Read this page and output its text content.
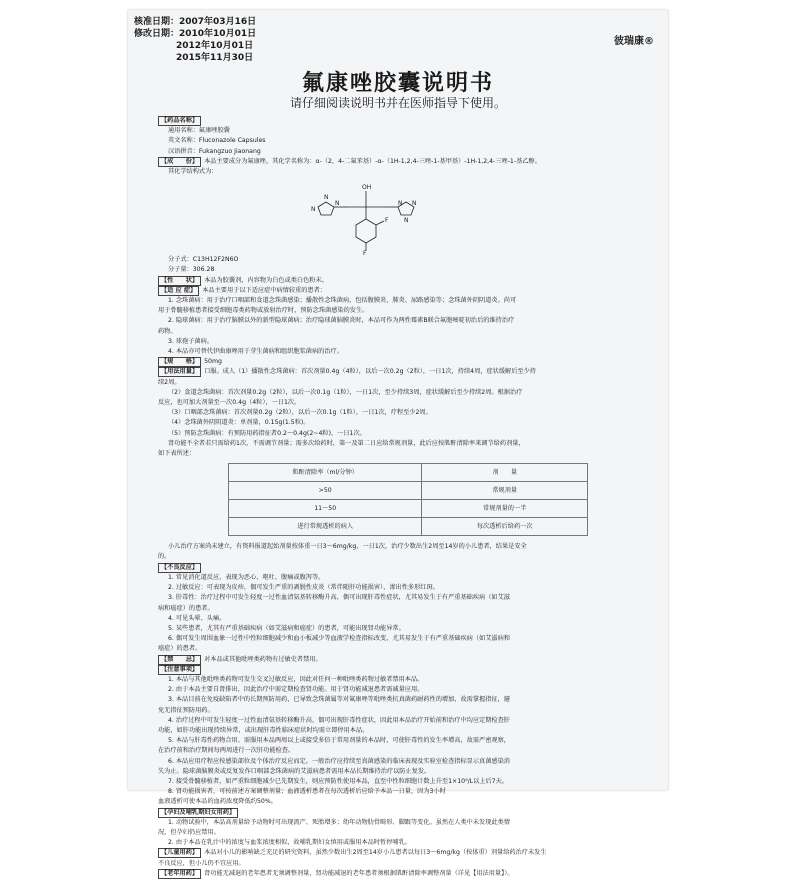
核准日期：2007年03月16日
修改日期：2010年10月01日
2012年10月01日
2015年11月30日
彼瑞康®
氟康唑胶囊说明书
请仔细阅读说明书并在医师指导下使用。
【药品名称】
通用名称：氟康唑胶囊
英文名称：Fluconazole Capsules
汉语拼音：Fukangzuo Jiaonang
【成　　份】 本品主要成分为氟康唑，其化学名称为：α-（2，4-二氟苯基）-α-（1H-1,2,4-三唑-1-基甲基）-1H-1,2,4-三唑-1-基乙醇。
其化学结构式为：
N
N
N
OH
N N
N
F
F
分子式：C13H12F2N6O
分子量：306.28
【性　　状】 本品为胶囊剂，内容物为白色或类白色粉末。
【适 应 症】 本品主要用于以下适应症中病情较重的患者：
1. 念珠菌病：用于治疗口咽部和食道念珠菌感染；播散性念珠菌病，包括腹膜炎、肺炎、尿路感染等；念珠菌外阴阴道炎。尚可
用于骨髓移植患者接受细胞毒类药物或放射治疗时，预防念珠菌感染的发生。
2. 隐球菌病：用于治疗脑膜以外的新型隐球菌病；治疗隐球菌脑膜炎时，本品可作为两性霉素B联合氟胞嘧啶初治后的维持治疗
药物。
3. 球孢子菌病。
4. 本品亦可替代伊曲康唑用于芽生菌病和组织胞浆菌病的治疗。
【规　　格】 50mg
【用法用量】 口服。成人（1）播散性念珠菌病：首次剂量0.4g（4粒），以后一次0.2g（2粒），一日1次，持续4周，症状缓解后至少持
续2周。
（2）食道念珠菌病：首次剂量0.2g（2粒），以后一次0.1g（1粒），一日1次，至少持续3周，症状缓解后至少持续2周。根据治疗
反应，也可加大剂量至一次0.4g（4粒），一日1次。
（3）口咽部念珠菌病：首次剂量0.2g（2粒），以后一次0.1g（1粒），一日1次，疗程至少2周。
（4）念珠菌外阴阴道炎：单剂量，0.15g(1.5粒)。
（5）预防念珠菌病：有预防用药指征者0.2～0.4g(2~4粒)，一日1次。
肾功能不全者若只需给药1次，不需调节剂量；需多次给药时，第一及第二日应给常规剂量，此后应按肌酐清除率来调节给药剂量，
如下表所述：
肌酐清除率（ml/分钟）	剂　　量
>50	常规剂量
11～50	常规剂量的一半
进行常规透析的病人	每次透析后给药一次
小儿治疗方案尚未建立，有资料报道起始剂量按体重一日3～6mg/kg，一日1次，治疗少数出生2周至14岁的小儿患者，结果是安全
的。
【不良反应】
1. 常见消化道反应，表现为恶心、呕吐、腹痛或腹泻等。
2. 过敏反应：可表现为皮疹，偶可发生严重的剥脱性皮炎（常伴随肝功能损害）、渗出性多形红斑。
3. 肝毒性：治疗过程中可发生轻度一过性血清氨基转移酶升高，偶可出现肝毒性症状，尤其易发生于有严重基础疾病（如艾滋
病和癌症）的患者。
4. 可见头晕、头痛。
5. 某些患者，尤其有严重基础疾病（如艾滋病和癌症）的患者，可能出现肾功能异常。
6. 偶可发生周围血象一过性中性粒细胞减少和血小板减少等血液学检查指标改变，尤其易发生于有严重基础疾病（如艾滋病和
癌症）的患者。
【禁　　忌】 对本品或其他吡唑类药物有过敏史者禁用。
【注意事项】
1. 本品与其他吡唑类药物可发生交叉过敏反应，因此对任何一种吡唑类药物过敏者禁用本品。
2. 由于本品主要自肾排出，因此治疗中需定期检查肾功能。用于肾功能减退患者需减量应用。
3. 本品目前在免疫缺陷者中的长期预防用药，已导致念珠菌属等对氟康唑等吡唑类抗真菌药耐药性的增加，故需掌握指征，避
免无指征预防用药。
4. 治疗过程中可发生轻度一过性血清氨基转移酶升高，偶可出现肝毒性症状，因此用本品治疗开始前和治疗中均应定期检查肝
功能，如肝功能出现持续异常，或出现肝毒性临床症状时均需立即停用本品。
5. 本品与肝毒性药物合用、需服用本品两周以上或接受多倍于常用剂量的本品时，可使肝毒性的发生率增高，故需严密观察，
在治疗前和治疗期间每两周进行一次肝功能检查。
6. 本品应用疗程应按感染部位及个体治疗反应而定。一般治疗应持续至真菌感染的临床表现及实验室检查指标显示真菌感染消
失为止。隐球菌脑膜炎或反复发作口咽部念珠菌病的艾滋病患者需用本品长期维持治疗以防止复发。
7. 接受骨髓移植者，如严重粒细胞减少已先期发生，则应预防性使用本品，直至中性粒细胞计数上升至1×10⁹/L以上后7天。
8. 肾功能损害者，可按前述方案调整剂量；血液透析患者在每次透析后应给予本品一日量，因为3小时
血液透析可使本品的血药浓度降低约50%。
【孕妇及哺乳期妇女用药】
1. 动物试验中，本品高剂量给予动物时可出现流产、死胎增多；幼年动物肋骨畸形、脚跟等变化。虽然在人类中未发现此类情
况，但孕妇仍应禁用。
2. 由于本品在乳汁中的浓度与血浆浓度相似，故哺乳期妇女慎用或服用本品时暂停哺乳。
【儿童用药】 本品对小儿的影响缺乏充足的研究资料，虽然少数出生2周至14岁小儿患者以每日3～6mg/kg（按体重）剂量给药治疗未发生
不良反应，但小儿仍不宜应用。
【老年用药】 肾功能无减退的老年患者无须调整剂量，肾功能减退的老年患者须根据肌酐清除率调整剂量（详见【用法用量】）。
